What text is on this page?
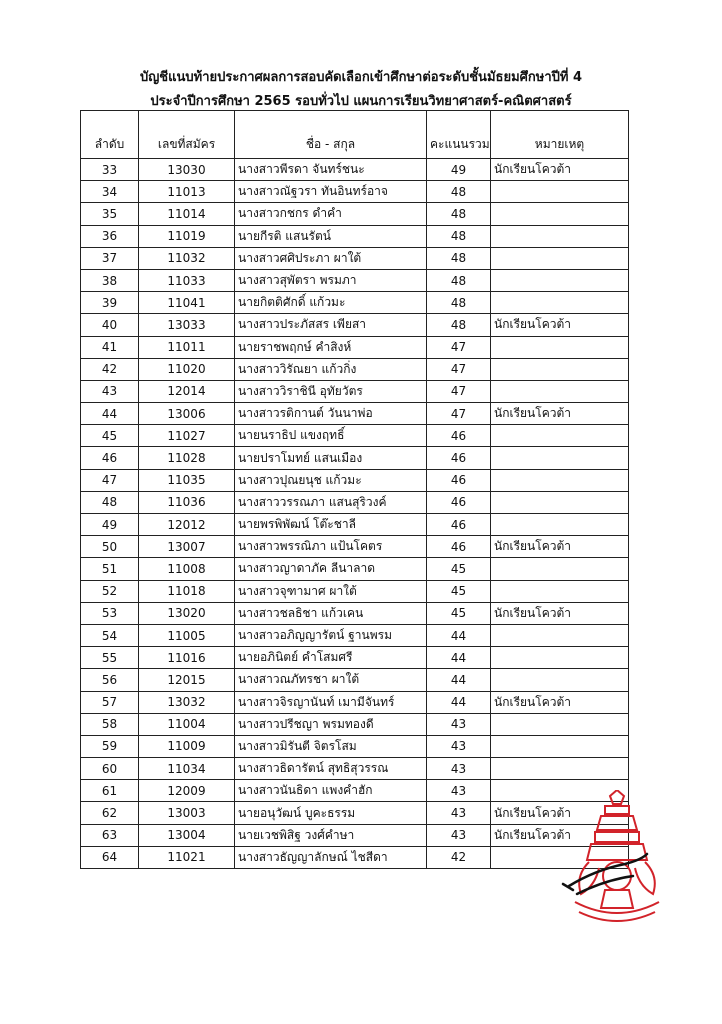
บัญชีแนบท้ายประกาศผลการสอบคัดเลือกเข้าศึกษาต่อระดับชั้นมัธยมศึกษาปีที่ 4
ประจำปีการศึกษา 2565 รอบทั่วไป แผนการเรียนวิทยาศาสตร์-คณิตศาสตร์
ลำดับ	เลขที่สมัคร	ชื่อ - สกุล	คะแนนรวม	หมายเหตุ
33	13030	นางสาวพีรดา จันทร์ชนะ	49	นักเรียนโควต้า
34	11013	นางสาวณัฐวรา ทันอินทร์อาจ	48	
35	11014	นางสาวกชกร ดำคำ	48	
36	11019	นายกีรติ แสนรัตน์	48	
37	11032	นางสาวศศิประภา ผาใต้	48	
38	11033	นางสาวสุพัตรา พรมภา	48	
39	11041	นายกิตติศักดิ์ แก้วมะ	48	
40	13033	นางสาวประภัสสร เพียสา	48	นักเรียนโควต้า
41	11011	นายราชพฤกษ์ คำสิงห์	47	
42	11020	นางสาววิรัณยา แก้วกิ่ง	47	
43	12014	นางสาววิราชินี อุทัยวัตร	47	
44	13006	นางสาวรติกานต์ วันนาพ่อ	47	นักเรียนโควต้า
45	11027	นายนราธิป แขงฤทธิ์	46	
46	11028	นายปราโมทย์ แสนเมือง	46	
47	11035	นางสาวปุณยนุช แก้วมะ	46	
48	11036	นางสาววรรณภา แสนสุริวงค์	46	
49	12012	นายพรพิพัฒน์ โต๊ะชาลี	46	
50	13007	นางสาวพรรณิภา แป้นโคตร	46	นักเรียนโควต้า
51	11008	นางสาวญาดาภัค ลีนาลาด	45	
52	11018	นางสาวจุฑามาศ ผาใต้	45	
53	13020	นางสาวชลธิชา แก้วเคน	45	นักเรียนโควต้า
54	11005	นางสาวอภิญญารัตน์ ฐานพรม	44	
55	11016	นายอภินิตย์ คำโสมศรี	44	
56	12015	นางสาวณภัทรชา ผาใต้	44	
57	13032	นางสาวจิรญานันท์ เมามีจันทร์	44	นักเรียนโควต้า
58	11004	นางสาวปรีชญา พรมทองดี	43	
59	11009	นางสาวมิรันตี จิตรโสม	43	
60	11034	นางสาวธิดารัตน์ สุทธิสุวรรณ	43	
61	12009	นางสาวนันธิดา แพงคำฮัก	43	
62	13003	นายอนุวัฒน์ บูคะธรรม	43	นักเรียนโควต้า
63	13004	นายเวชพิสิฐ วงศ์คำษา	43	นักเรียนโควต้า
64	11021	นางสาวธัญญาลักษณ์ ไชสีดา	42	
